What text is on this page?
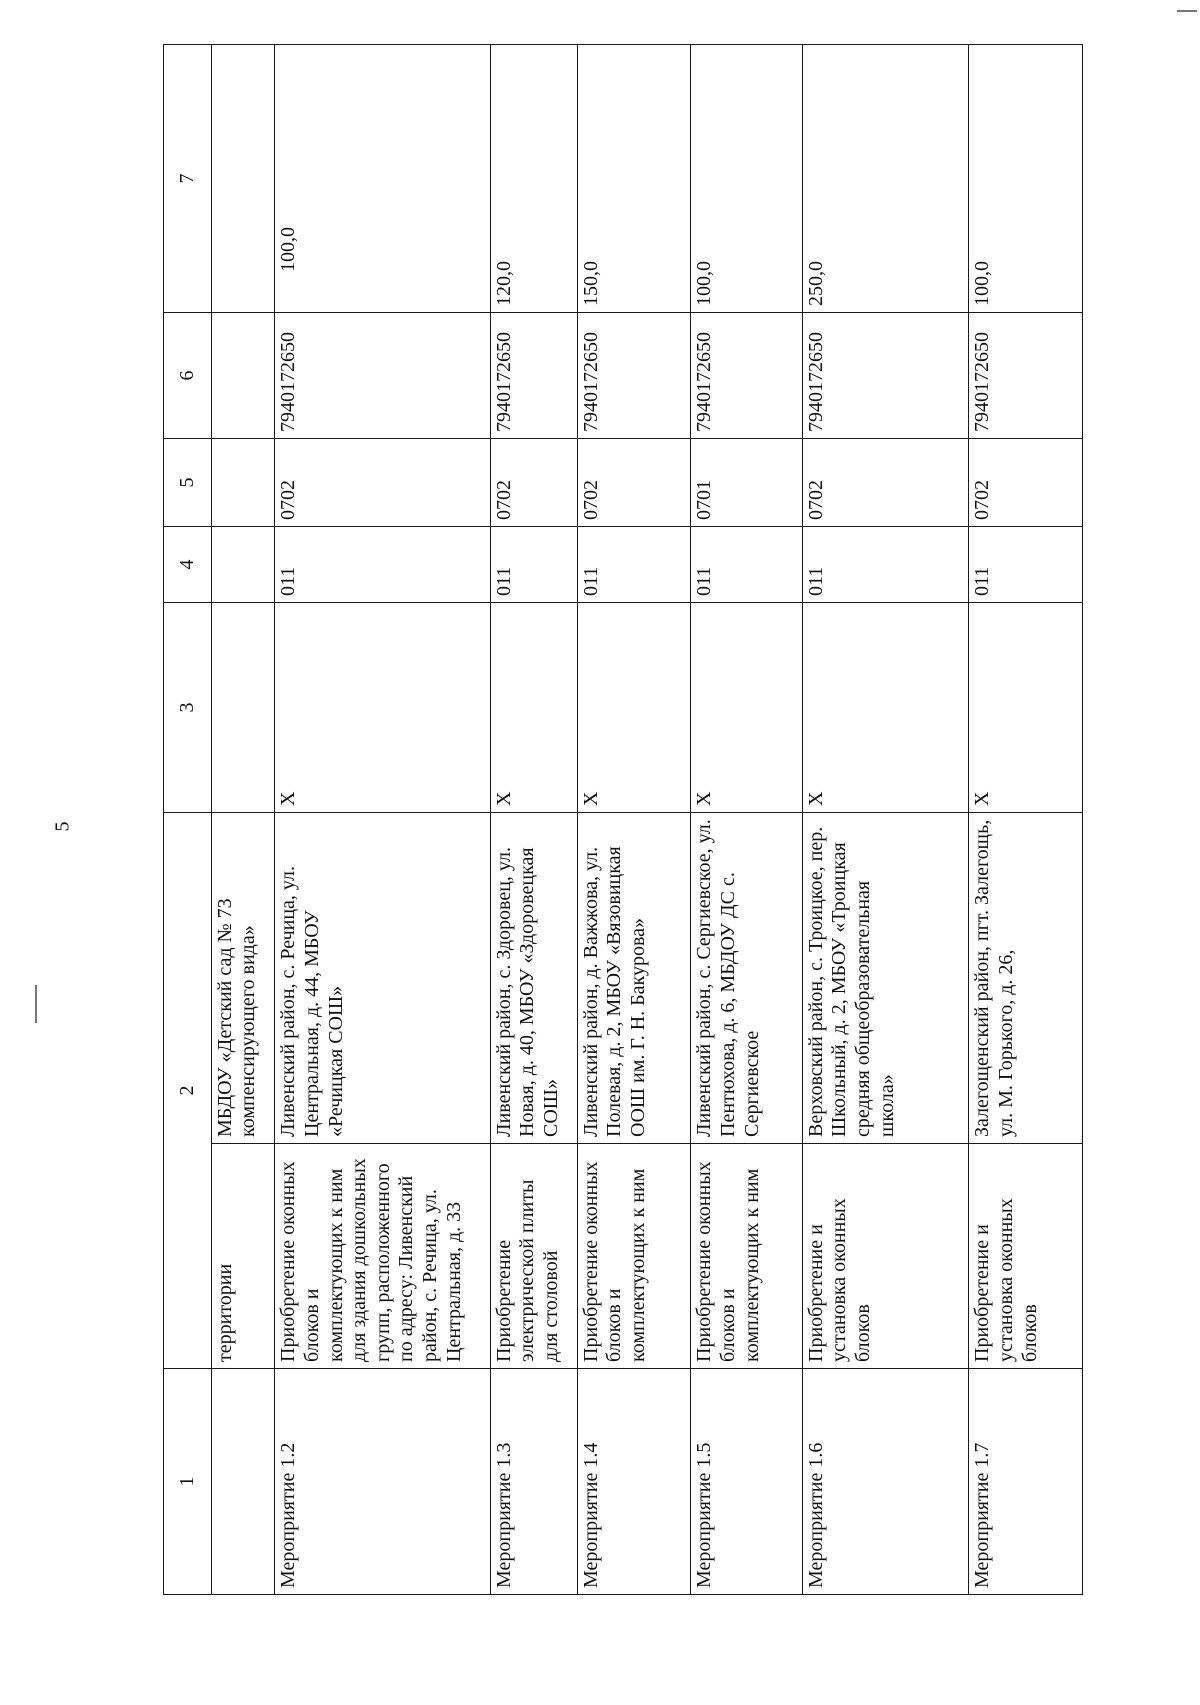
5
1	2		3	4	5	6	7
	территории	МБДОУ «Детский сад № 73 компенсирующего вида»					
Мероприятие 1.2	Приобретение оконных блоков и комплектующих к ним для здания дошкольных групп, расположенного по адресу: Ливенский район, с. Речица, ул. Центральная, д. 33	Ливенский район, с. Речица, ул. Центральная, д. 44, МБОУ «Речицкая СОШ»	Х	011	0702	7940172650	100,0
Мероприятие 1.3	Приобретение электрической плиты для столовой	Ливенский район, с. Здоровец, ул. Новая, д. 40, МБОУ «Здоровецкая СОШ»	Х	011	0702	7940172650	120,0
Мероприятие 1.4	Приобретение оконных блоков и комплектующих к ним	Ливенский район, д. Важжова, ул. Полевая, д. 2, МБОУ «Вязовицкая ООШ им. Г. Н. Бакурова»	Х	011	0702	7940172650	150,0
Мероприятие 1.5	Приобретение оконных блоков и комплектующих к ним	Ливенский район, с. Сергиевское, ул. Пентюхова, д. 6, МБДОУ ДС с. Сергиевское	Х	011	0701	7940172650	100,0
Мероприятие 1.6	Приобретение и установка оконных блоков	Верховский район, с. Троицкое, пер. Школьный, д. 2, МБОУ «Троицкая средняя общеобразовательная школа»	Х	011	0702	7940172650	250,0
Мероприятие 1.7	Приобретение и установка оконных блоков	Залегощенский район, пгт. Залегощь, ул. М. Горького, д. 26,	Х	011	0702	7940172650	100,0
